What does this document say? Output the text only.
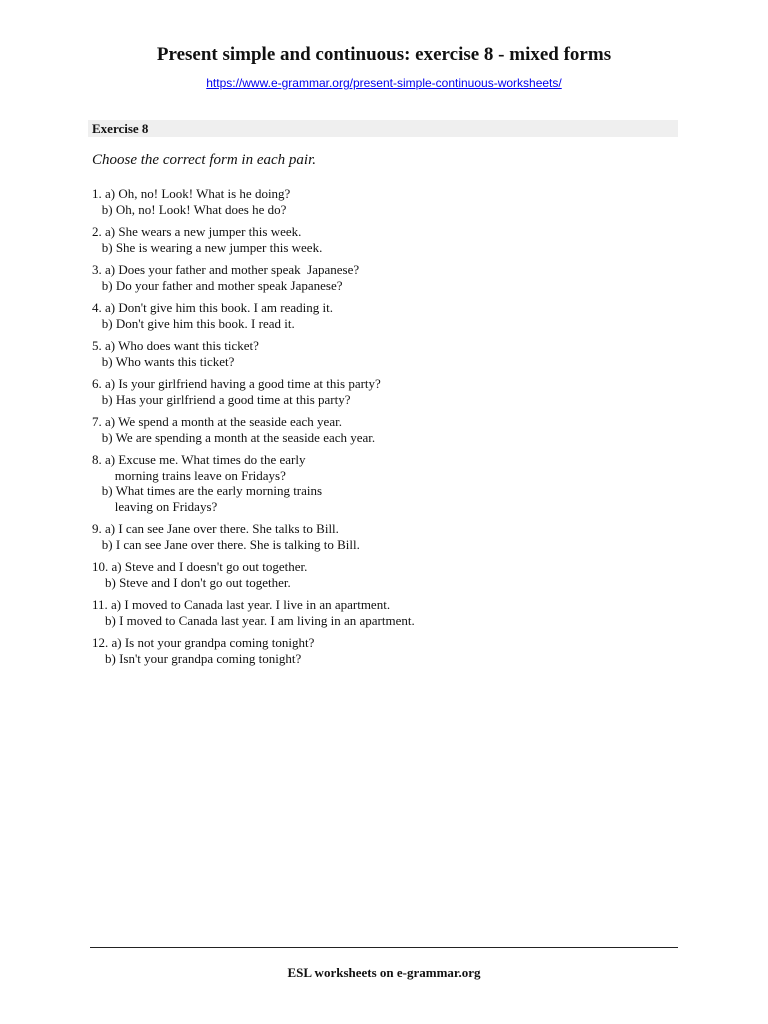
Present simple and continuous: exercise 8 - mixed forms
https://www.e-grammar.org/present-simple-continuous-worksheets/
Exercise 8
Choose the correct form in each pair.
1. a) Oh, no! Look! What is he doing?
b) Oh, no! Look! What does he do?
2. a) She wears a new jumper this week.
b) She is wearing a new jumper this week.
3. a) Does your father and mother speak  Japanese?
b) Do your father and mother speak Japanese?
4. a) Don't give him this book. I am reading it.
b) Don't give him this book. I read it.
5. a) Who does want this ticket?
b) Who wants this ticket?
6. a) Is your girlfriend having a good time at this party?
b) Has your girlfriend a good time at this party?
7. a) We spend a month at the seaside each year.
b) We are spending a month at the seaside each year.
8. a) Excuse me. What times do the early
morning trains leave on Fridays?
b) What times are the early morning trains
leaving on Fridays?
9. a) I can see Jane over there. She talks to Bill.
b) I can see Jane over there. She is talking to Bill.
10. a) Steve and I doesn't go out together.
b) Steve and I don't go out together.
11. a) I moved to Canada last year. I live in an apartment.
b) I moved to Canada last year. I am living in an apartment.
12. a) Is not your grandpa coming tonight?
b) Isn't your grandpa coming tonight?
ESL worksheets on e-grammar.org
